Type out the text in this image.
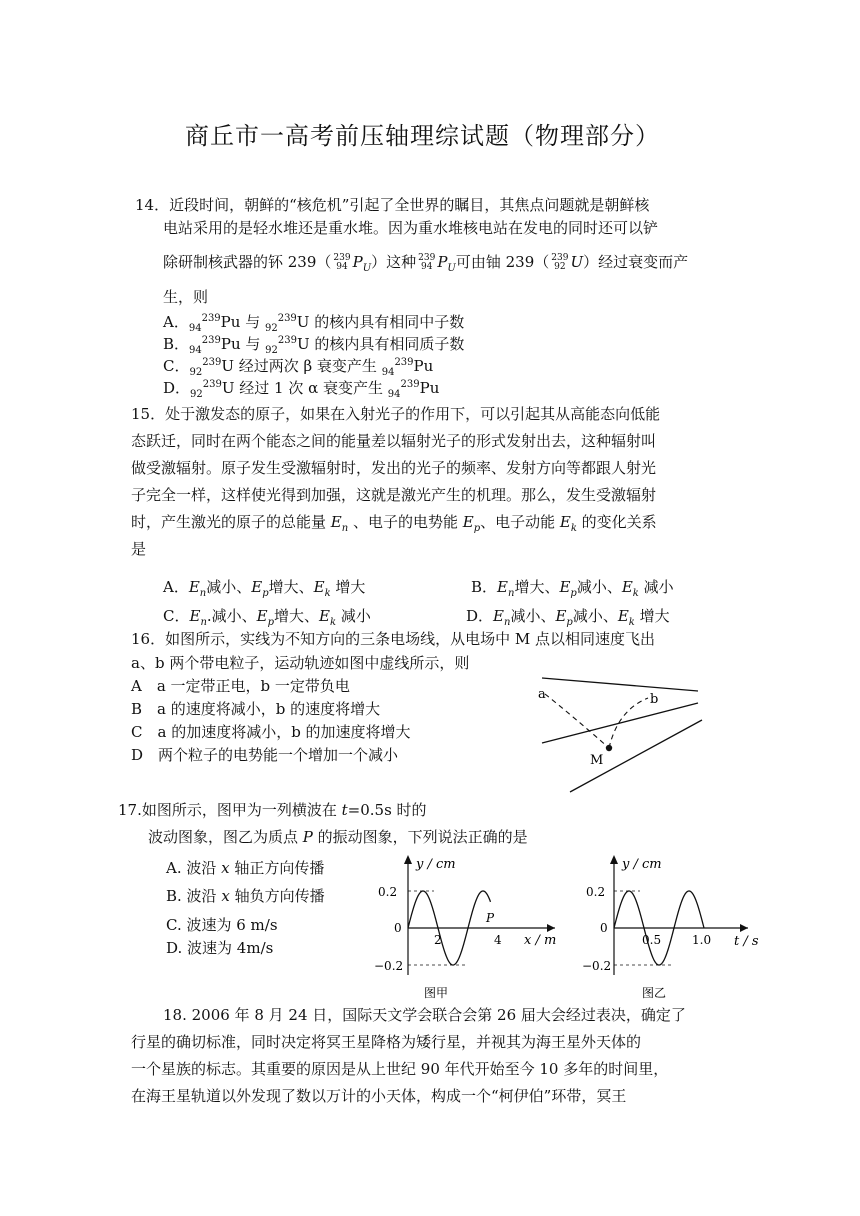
商丘市一高考前压轴理综试题（物理部分）
14．近段时间，朝鲜的“核危机”引起了全世界的瞩目，其焦点问题就是朝鲜核
电站采用的是轻水堆还是重水堆。因为重水堆核电站在发电的同时还可以铲
除研制核武器的钚 239（ 239
94 $P_U$）这种 239
94 $P_U$可由铀 239（ 239
92 U）经过衰变而产
生，则
A．$_{94}^{239}$Pu 与 $_{92}^{239}$U 的核内具有相同中子数
B．$_{94}^{239}$Pu 与 $_{92}^{239}$U 的核内具有相同质子数
C．$_{92}^{239}$U 经过两次 β 衰变产生 $_{94}^{239}$Pu
D．$_{92}^{239}$U 经过 1 次 α 衰变产生 $_{94}^{239}$Pu
15．处于激发态的原子，如果在入射光子的作用下，可以引起其从高能态向低能
态跃迁，同时在两个能态之间的能量差以辐射光子的形式发射出去，这种辐射叫
做受激辐射。原子发生受激辐射时，发出的光子的频率、发射方向等都跟人射光
子完全一样，这样使光得到加强，这就是激光产生的机理。那么，发生受激辐射
时，产生激光的原子的总能量 $E_n$ 、电子的电势能 $E_p$、电子动能 $E_k$ 的变化关系
是
A．$E_n$减小、$E_p$增大、$E_k$ 增大	B．$E_n$增大、$E_p$减小、$E_k$ 减小
C．$E_n$.减小、$E_p$增大、$E_k$ 减小	D．$E_n$减小、$E_p$减小、$E_k$ 增大
16．如图所示，实线为不知方向的三条电场线，从电场中 M 点以相同速度飞出
a、b 两个带电粒子，运动轨迹如图中虚线所示，则
A　a 一定带正电，b 一定带负电
B　a 的速度将减小，b 的速度将增大
C　a 的加速度将减小，b 的加速度将增大
D　两个粒子的电势能一个增加一个减小
a	b
M
17.如图所示，图甲为一列横波在 t=0.5s 时的
波动图象，图乙为质点 P 的振动图象，下列说法正确的是
A. 波沿 x 轴正方向传播
B. 波沿 x 轴负方向传播
C. 波速为 6 m/s
D. 波速为 4m/s
0.2
0
−0.2
2	4
P
x / m
y / cm
图甲
0.2
0
−0.2
0.5	1.0 t / s
y / cm
图乙
18. 2006 年 8 月 24 日，国际天文学会联合会第 26 届大会经过表决，确定了
行星的确切标准，同时决定将冥王星降格为矮行星，并视其为海王星外天体的
一个星族的标志。其重要的原因是从上世纪 90 年代开始至今 10 多年的时间里，
在海王星轨道以外发现了数以万计的小天体，构成一个“柯伊伯”环带，冥王
